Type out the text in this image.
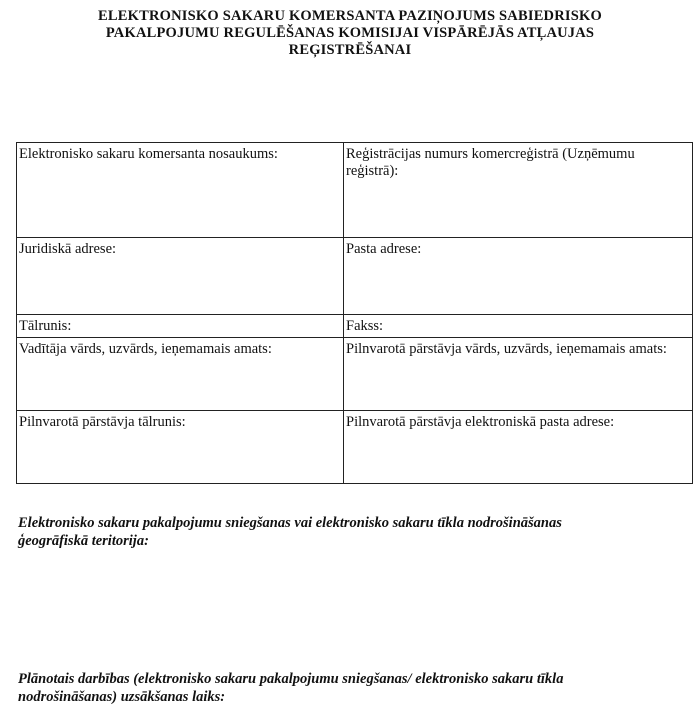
ELEKTRONISKO SAKARU KOMERSANTA PAZIŅOJUMS SABIEDRISKO
PAKALPOJUMU REGULĒŠANAS KOMISIJAI VISPĀRĒJĀS ATĻAUJAS
REĢISTRĒŠANAI
Elektronisko sakaru komersanta nosaukums:	Reģistrācijas numurs komercreģistrā (Uzņēmumu reģistrā):
Juridiskā adrese:	Pasta adrese:
Tālrunis:	Fakss:
Vadītāja vārds, uzvārds, ieņemamais amats:	Pilnvarotā pārstāvja vārds, uzvārds, ieņemamais amats:
Pilnvarotā pārstāvja tālrunis:	Pilnvarotā pārstāvja elektroniskā pasta adrese:
Elektronisko sakaru pakalpojumu sniegšanas vai elektronisko sakaru tīkla nodrošināšanas
ģeogrāfiskā teritorija:
Plānotais darbības (elektronisko sakaru pakalpojumu sniegšanas/ elektronisko sakaru tīkla
nodrošināšanas) uzsākšanas laiks:
